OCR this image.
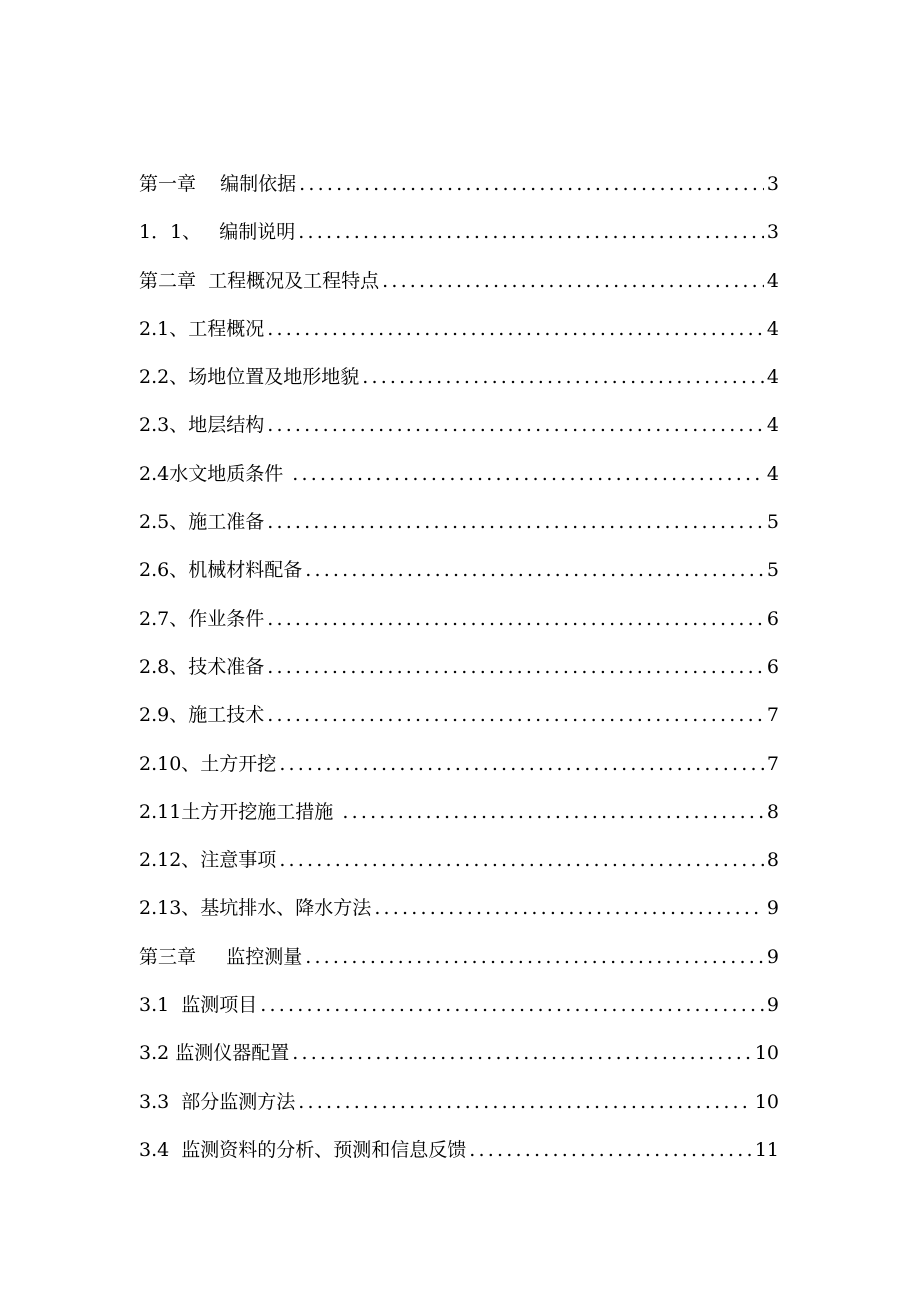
第一章    编制依据 .....	3
1．1、   编制说明 .....	3
第二章  工程概况及工程特点 .....	4
2.1、工程概况 .....	4
2.2、场地位置及地形地貌 .....	4
2.3、地层结构 .....	4
2.4水文地质条件 .....	4
2.5、施工准备 .....	5
2.6、机械材料配备 .....	5
2.7、作业条件 .....	6
2.8、技术准备 .....	6
2.9、施工技术 .....	7
2.10、土方开挖 .....	7
2.11土方开挖施工措施 .....	8
2.12、注意事项 .....	8
2.13、基坑排水、降水方法 .....	9
第三章     监控测量 .....	9
3.1  监测项目 .....	9
3.2 监测仪器配置 .....	10
3.3  部分监测方法 .....	10
3.4  监测资料的分析、预测和信息反馈 .....	11
